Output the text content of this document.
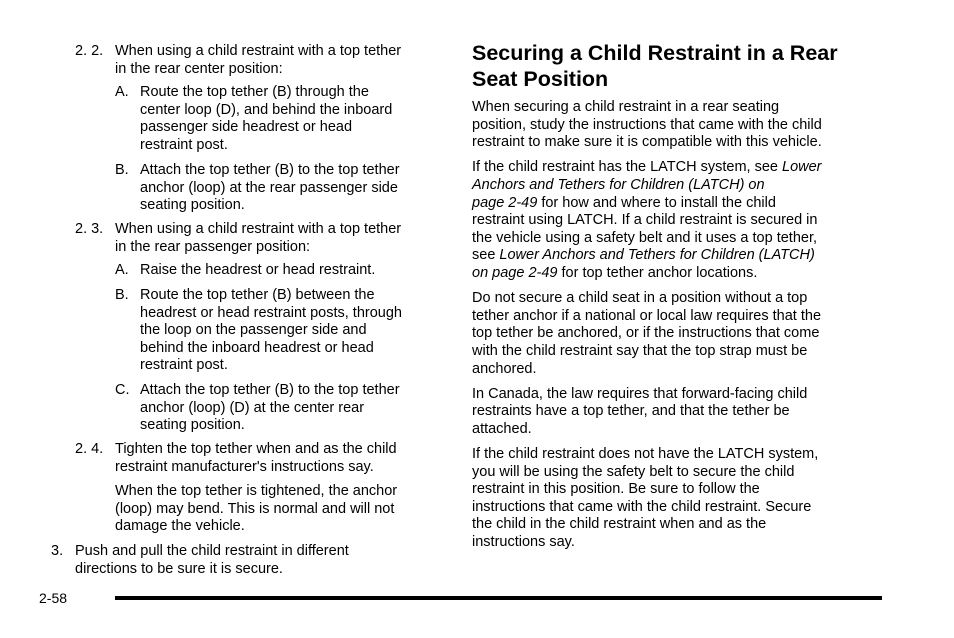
2. 2. When using a child restraint with a top tether
in the rear center position:
A. Route the top tether (B) through the
center loop (D), and behind the inboard
passenger side headrest or head
restraint post.
B. Attach the top tether (B) to the top tether
anchor (loop) at the rear passenger side
seating position.
2. 3. When using a child restraint with a top tether
in the rear passenger position:
A. Raise the headrest or head restraint.
B. Route the top tether (B) between the
headrest or head restraint posts, through
the loop on the passenger side and
behind the inboard headrest or head
restraint post.
C. Attach the top tether (B) to the top tether
anchor (loop) (D) at the center rear
seating position.
2. 4. Tighten the top tether when and as the child
restraint manufacturer's instructions say.
When the top tether is tightened, the anchor
(loop) may bend. This is normal and will not
damage the vehicle.
3. Push and pull the child restraint in different
directions to be sure it is secure.
Securing a Child Restraint in a Rear
Seat Position
When securing a child restraint in a rear seating
position, study the instructions that came with the child
restraint to make sure it is compatible with this vehicle.
If the child restraint has the LATCH system, see Lower
Anchors and Tethers for Children (LATCH) on
page 2-49 for how and where to install the child
restraint using LATCH. If a child restraint is secured in
the vehicle using a safety belt and it uses a top tether,
see Lower Anchors and Tethers for Children (LATCH)
on page 2-49 for top tether anchor locations.
Do not secure a child seat in a position without a top
tether anchor if a national or local law requires that the
top tether be anchored, or if the instructions that come
with the child restraint say that the top strap must be
anchored.
In Canada, the law requires that forward-facing child
restraints have a top tether, and that the tether be
attached.
If the child restraint does not have the LATCH system,
you will be using the safety belt to secure the child
restraint in this position. Be sure to follow the
instructions that came with the child restraint. Secure
the child in the child restraint when and as the
instructions say.
2-58
